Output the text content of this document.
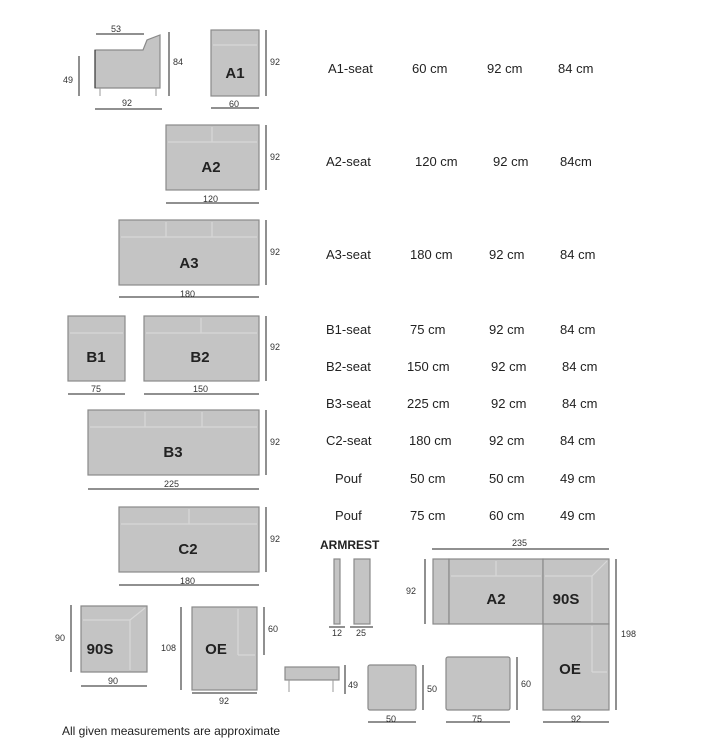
A1
A2
A3
B1	B2
B3
C2
90S	OE
A2	90S
OE
53
49
84
92
92
60
92
120
92
180
75	150
92
92
225
92
180
90
90
108
60
92
12 25
49
50
50
75
60
235
92
198
92
ARMREST
A1-seat	60 cm	92 cm	84 cm
A2-seat	120 cm	92 cm 84cm
A3-seat	180 cm	92 cm	84 cm
B1-seat	75 cm	92 cm	84 cm
B2-seat	150 cm	92 cm	84 cm
B3-seat	225 cm	92 cm	84 cm
C2-seat	180 cm	92 cm	84 cm
Pouf	50 cm	50 cm	49 cm
Pouf	75 cm	60 cm	49 cm
All given measurements are approximate
